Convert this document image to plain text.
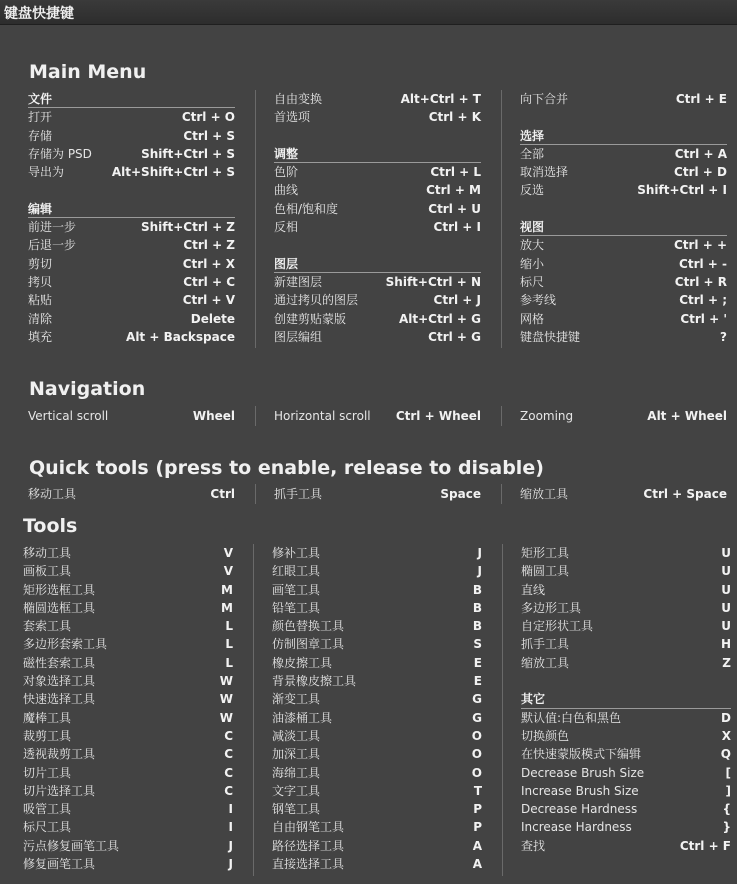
键盘快捷键
Main Menu
文件
打开	Ctrl + O
存储	Ctrl + S
存储为 PSD	Shift+Ctrl + S
导出为	Alt+Shift+Ctrl + S
编辑
前进一步	Shift+Ctrl + Z
后退一步	Ctrl + Z
剪切	Ctrl + X
拷贝	Ctrl + C
粘贴	Ctrl + V
清除	Delete
填充	Alt + Backspace
自由变换	Alt+Ctrl + T
首选项	Ctrl + K
调整
色阶	Ctrl + L
曲线	Ctrl + M
色相/饱和度	Ctrl + U
反相	Ctrl + I
图层
新建图层	Shift+Ctrl + N
通过拷贝的图层	Ctrl + J
创建剪贴蒙版	Alt+Ctrl + G
图层编组	Ctrl + G
向下合并	Ctrl + E
选择
全部	Ctrl + A
取消选择	Ctrl + D
反选	Shift+Ctrl + I
视图
放大	Ctrl + +
缩小	Ctrl + -
标尺	Ctrl + R
参考线	Ctrl + ;
网格	Ctrl + '
键盘快捷键	?
Navigation
Vertical scroll	Wheel	Horizontal scroll Ctrl + Wheel	Zooming	Alt + Wheel
Quick tools (press to enable, release to disable)
移动工具	Ctrl	抓手工具	Space	缩放工具	Ctrl + Space
Tools
移动工具	V
画板工具	V
矩形选框工具	M
椭圆选框工具	M
套索工具	L
多边形套索工具	L
磁性套索工具	L
对象选择工具	W
快速选择工具	W
魔棒工具	W
裁剪工具	C
透视裁剪工具	C
切片工具	C
切片选择工具	C
吸管工具	I
标尺工具	I
污点修复画笔工具	J
修复画笔工具	J
修补工具	J
红眼工具	J
画笔工具	B
铅笔工具	B
颜色替换工具	B
仿制图章工具	S
橡皮擦工具	E
背景橡皮擦工具	E
渐变工具	G
油漆桶工具	G
减淡工具	O
加深工具	O
海绵工具	O
文字工具	T
钢笔工具	P
自由钢笔工具	P
路径选择工具	A
直接选择工具	A
矩形工具	U
椭圆工具	U
直线	U
多边形工具	U
自定形状工具	U
抓手工具	H
缩放工具	Z
其它
默认值:白色和黑色	D
切换颜色	X
在快速蒙版模式下编辑	Q
Decrease Brush Size	[
Increase Brush Size	]
Decrease Hardness	{
Increase Hardness	}
查找	Ctrl + F
